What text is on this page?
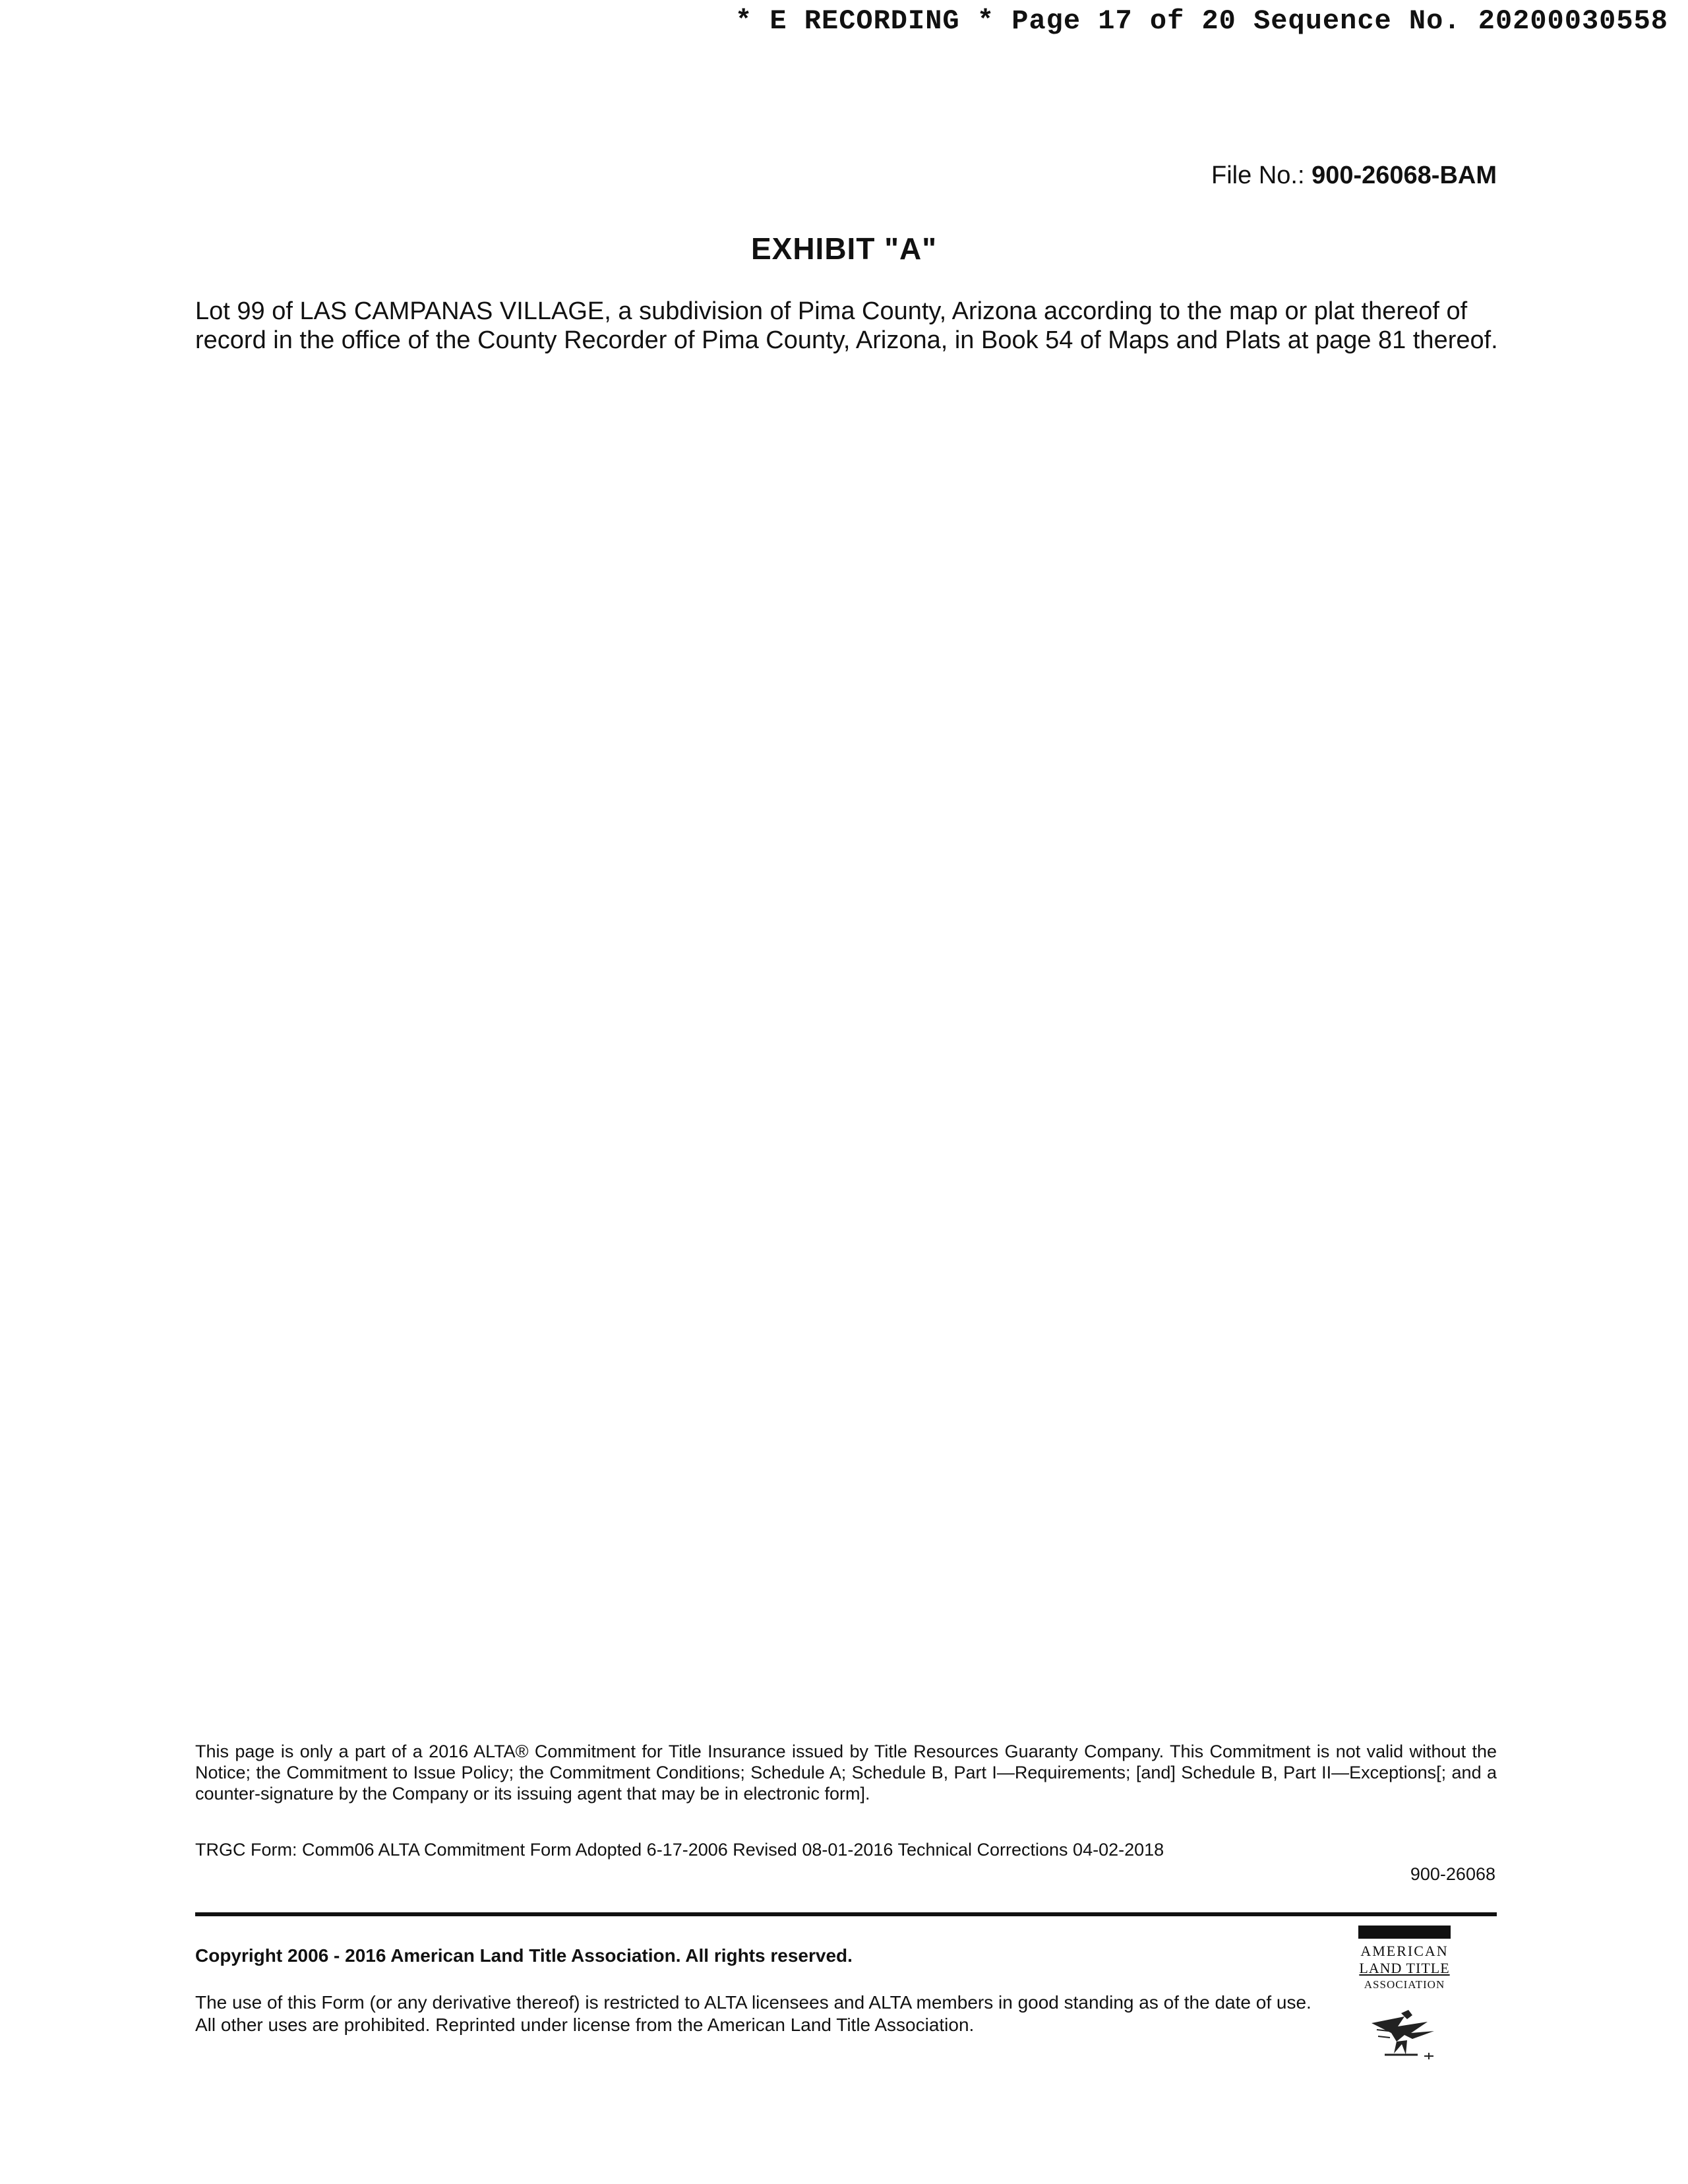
* E RECORDING * Page 17 of 20 Sequence No. 20200030558
File No.: 900-26068-BAM
EXHIBIT "A"
Lot 99 of LAS CAMPANAS VILLAGE, a subdivision of Pima County, Arizona according to the map or plat thereof of record in the office of the County Recorder of Pima County, Arizona, in Book 54 of Maps and Plats at page 81 thereof.
This page is only a part of a 2016 ALTA® Commitment for Title Insurance issued by Title Resources Guaranty Company. This Commitment is not valid without the Notice; the Commitment to Issue Policy; the Commitment Conditions; Schedule A; Schedule B, Part I—Requirements; [and] Schedule B, Part II—Exceptions[; and a counter-signature by the Company or its issuing agent that may be in electronic form].
TRGC Form: Comm06 ALTA Commitment Form Adopted 6-17-2006 Revised 08-01-2016 Technical Corrections 04-02-2018
900-26068
Copyright 2006 - 2016 American Land Title Association. All rights reserved.
The use of this Form (or any derivative thereof) is restricted to ALTA licensees and ALTA members in good standing as of the date of use. All other uses are prohibited. Reprinted under license from the American Land Title Association.
AMERICAN
LAND TITLE
ASSOCIATION
